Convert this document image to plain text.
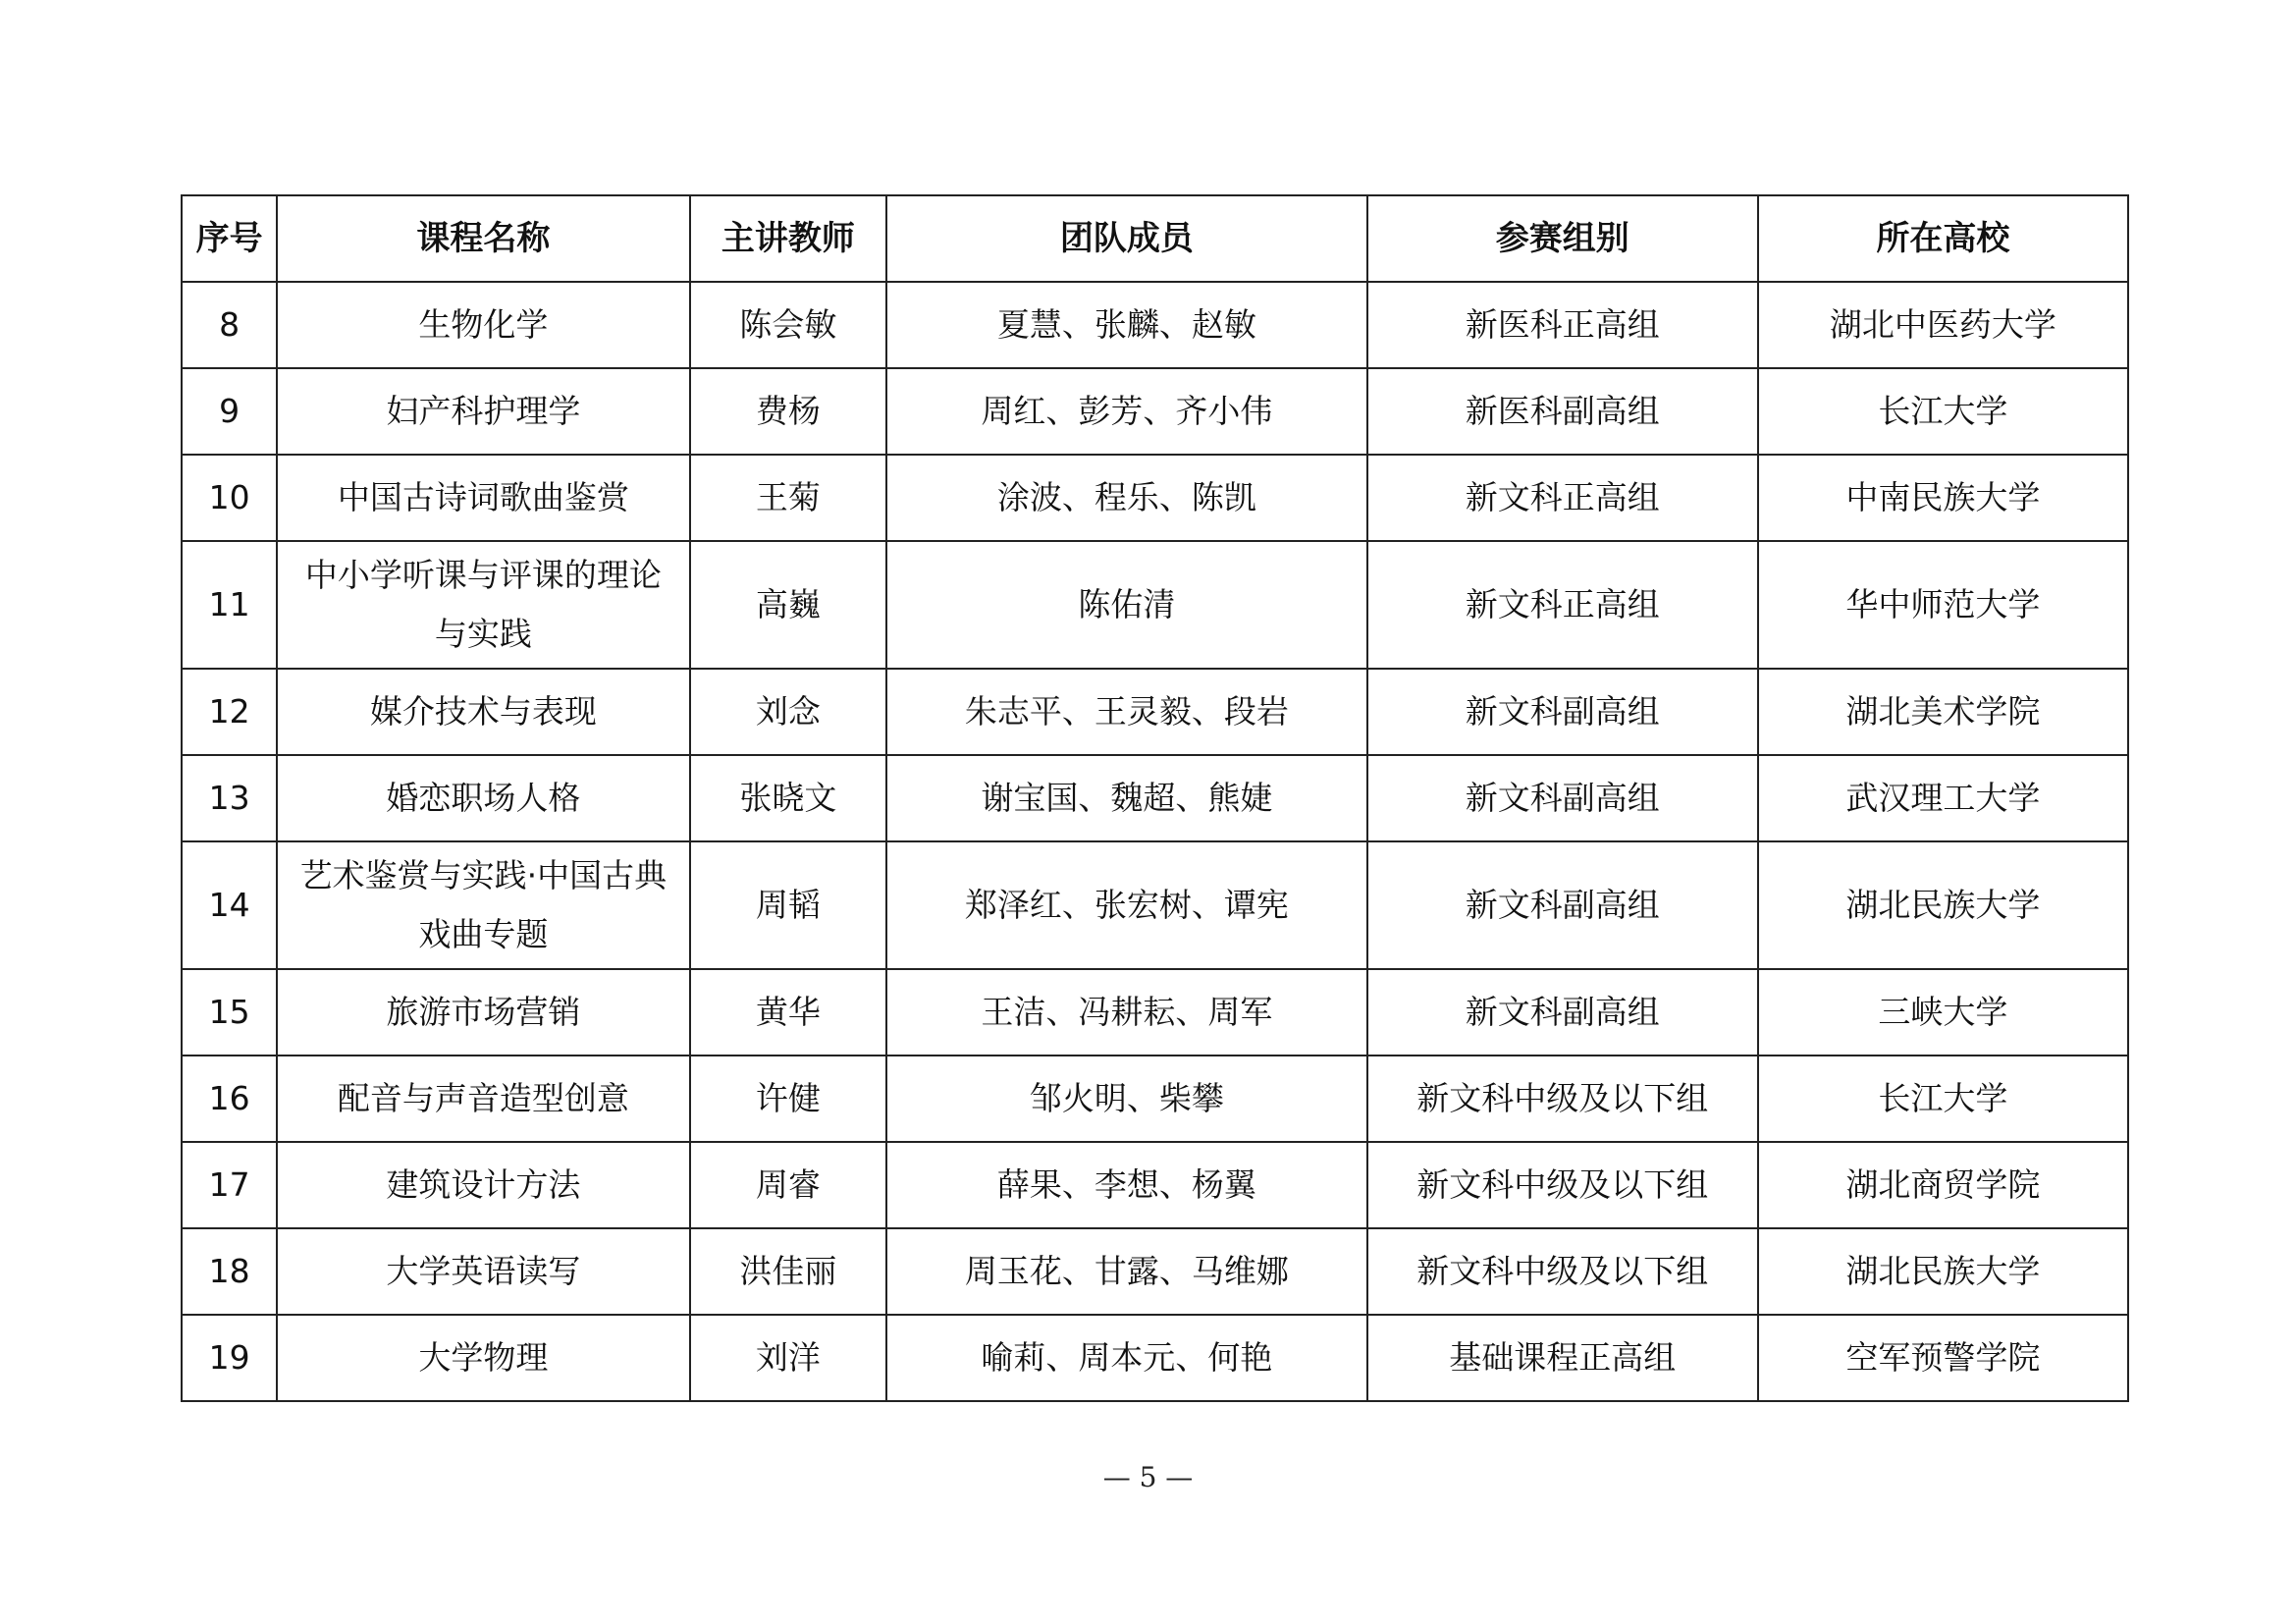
序号	课程名称	主讲教师	团队成员	参赛组别	所在高校
8	生物化学	陈会敏	夏慧、张麟、赵敏	新医科正高组	湖北中医药大学
9	妇产科护理学	费杨	周红、彭芳、齐小伟	新医科副高组	长江大学
10	中国古诗词歌曲鉴赏	王菊	涂波、程乐、陈凯	新文科正高组	中南民族大学
11	中小学听课与评课的理论
与实践	高巍	陈佑清	新文科正高组	华中师范大学
12	媒介技术与表现	刘念	朱志平、王灵毅、段岩	新文科副高组	湖北美术学院
13	婚恋职场人格	张晓文	谢宝国、魏超、熊婕	新文科副高组	武汉理工大学
14	艺术鉴赏与实践·中国古典
戏曲专题	周韬	郑泽红、张宏树、谭宪	新文科副高组	湖北民族大学
15	旅游市场营销	黄华	王洁、冯耕耘、周军	新文科副高组	三峡大学
16	配音与声音造型创意	许健	邹火明、柴攀	新文科中级及以下组	长江大学
17	建筑设计方法	周睿	薛果、李想、杨翼	新文科中级及以下组	湖北商贸学院
18	大学英语读写	洪佳丽	周玉花、甘露、马维娜	新文科中级及以下组	湖北民族大学
19	大学物理	刘洋	喻莉、周本元、何艳	基础课程正高组	空军预警学院
— 5 —
